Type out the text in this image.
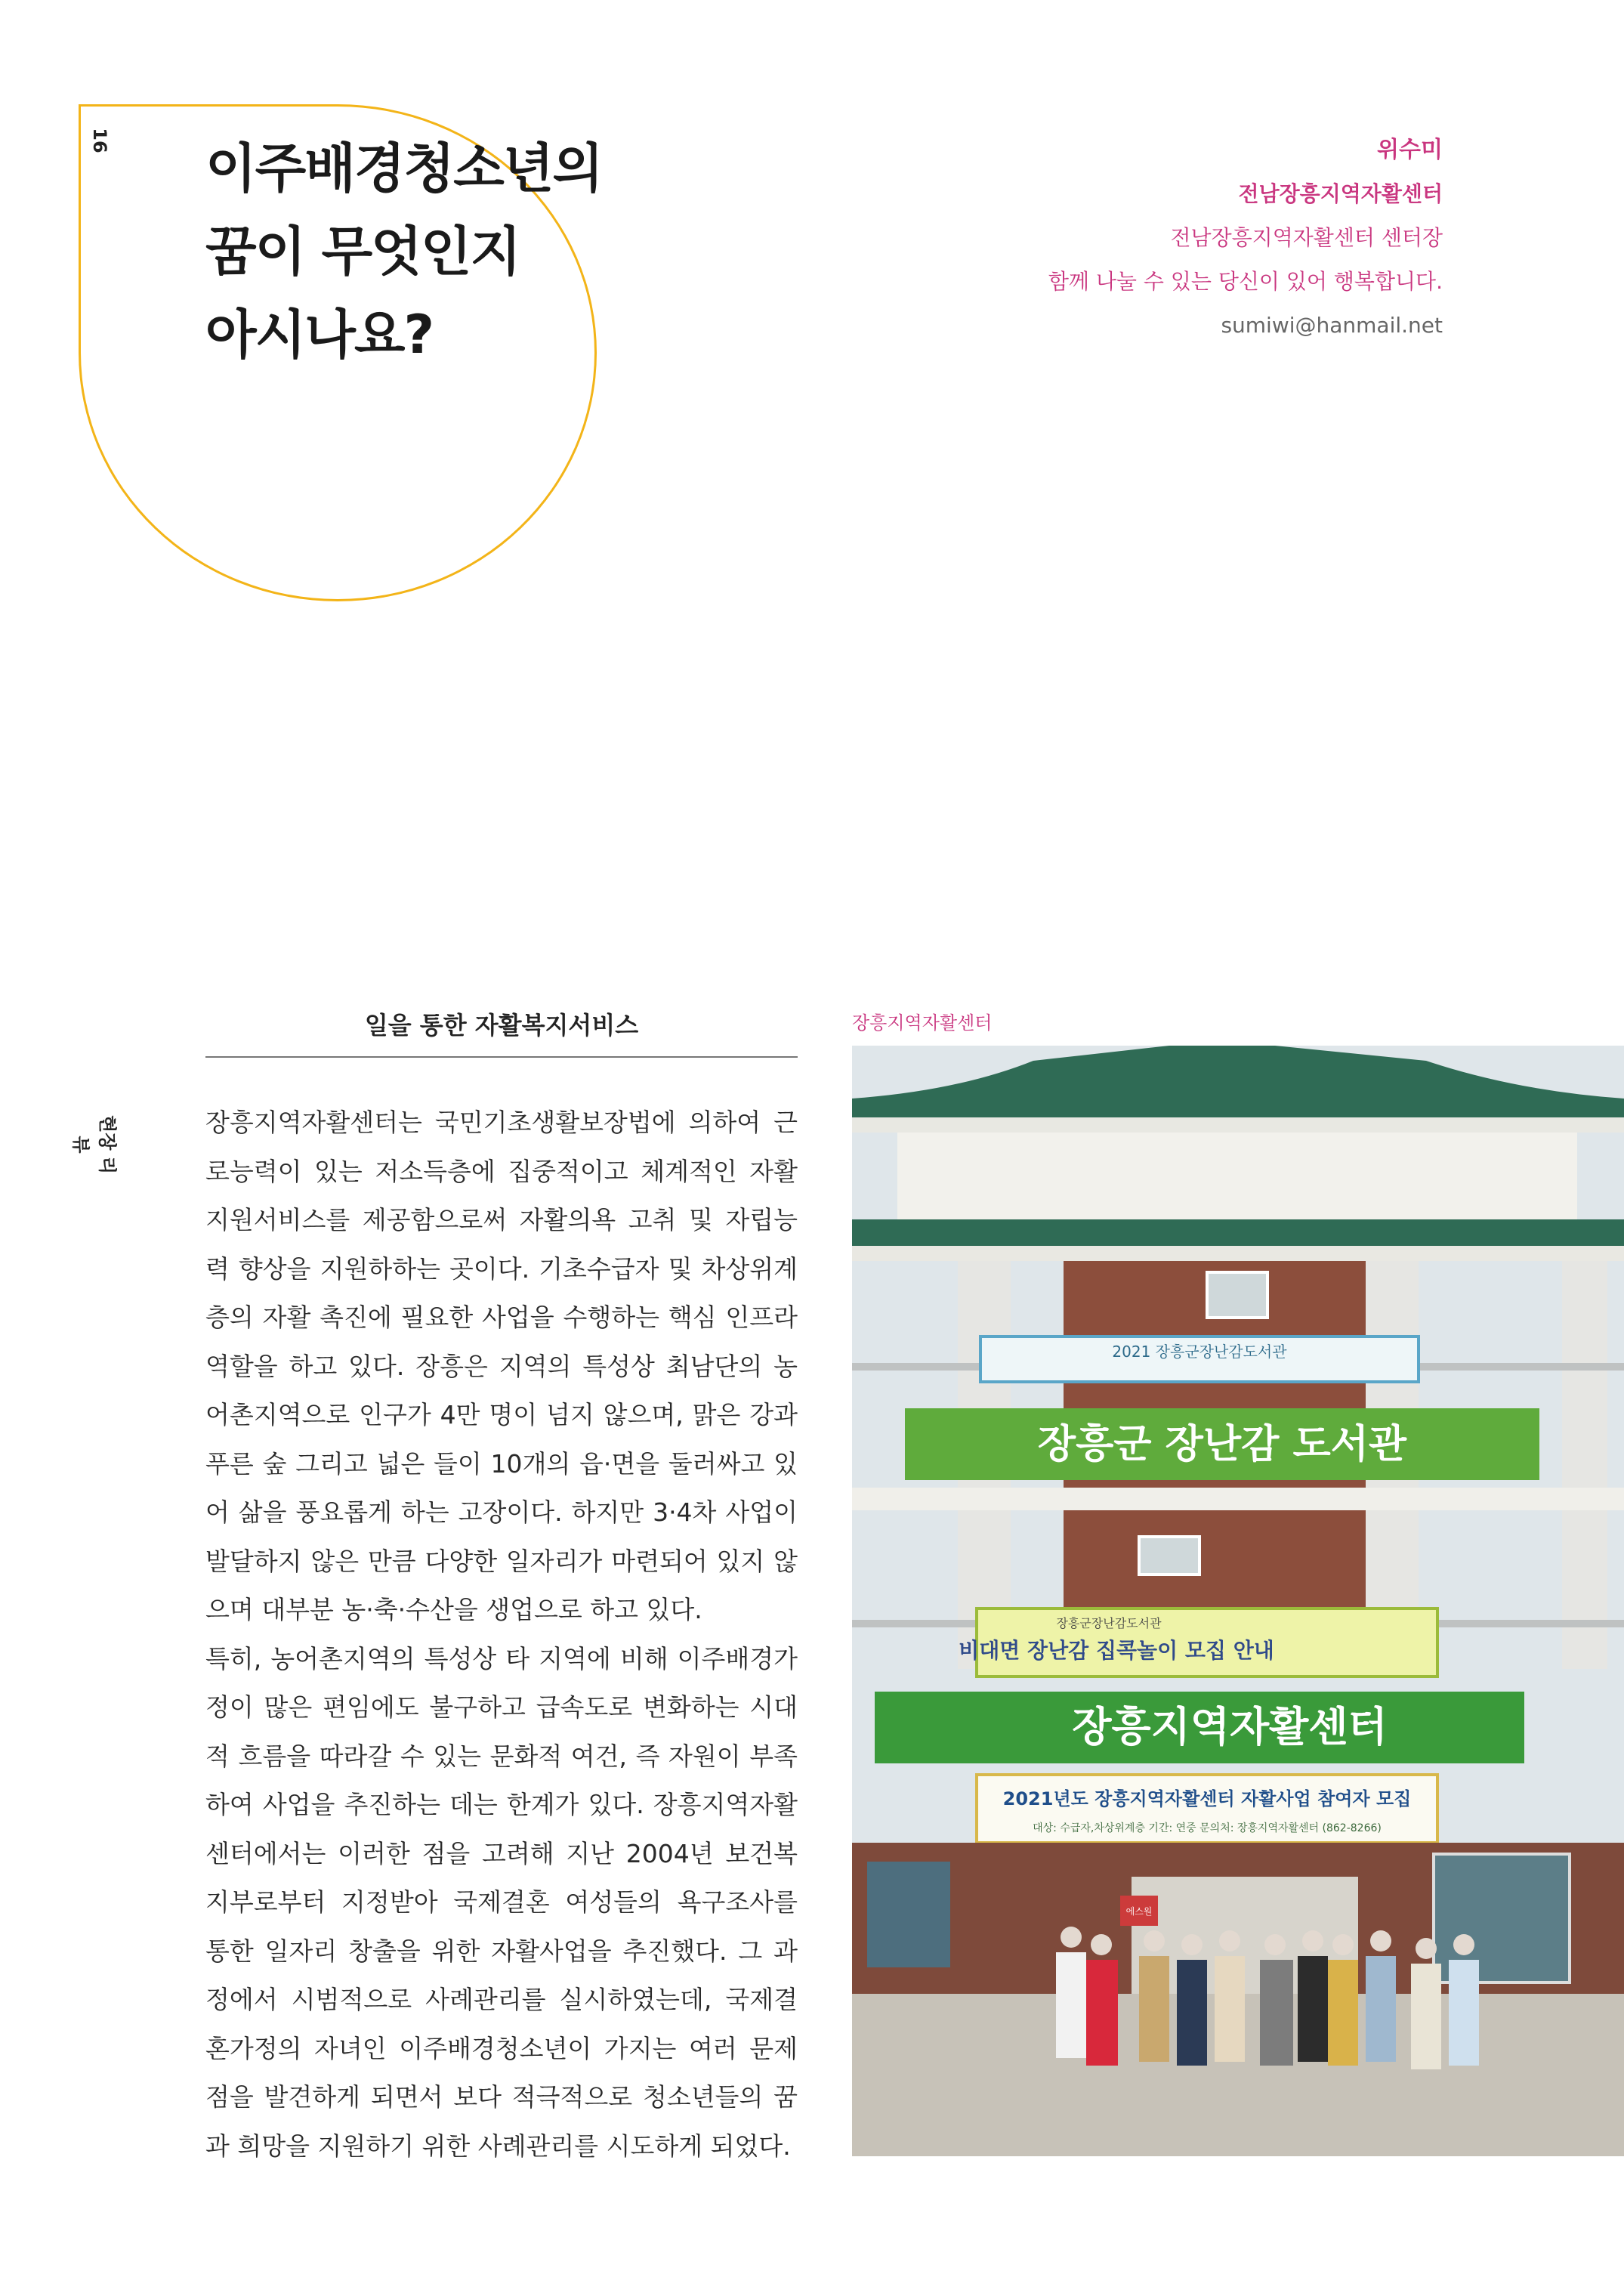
16 이주배경청소년의
꿈이 무엇인지
아시나요?
위수미
전남장흥지역자활센터
전남장흥지역자활센터 센터장
함께 나눌 수 있는 당신이 있어 행복합니다.
sumiwi@hanmail.net
현장 리뷰
일을 통한 자활복지서비스

장흥지역자활센터는 국민기초생활보장법에 의하여 근로능력이 있는 저소득층에 집중적이고 체계적인 자활지원서비스를 제공함으로써 자활의욕 고취 및 자립능력 향상을 지원하하는 곳이다. 기초수급자 및 차상위계층의 자활 촉진에 필요한 사업을 수행하는 핵심 인프라 역할을 하고 있다. 장흥은 지역의 특성상 최남단의 농어촌지역으로 인구가 4만 명이 넘지 않으며, 맑은 강과 푸른 숲 그리고 넓은 들이 10개의 읍·면을 둘러싸고 있어 삶을 풍요롭게 하는 고장이다. 하지만 3·4차 사업이 발달하지 않은 만큼 다양한 일자리가 마련되어 있지 않으며 대부분 농·축·수산을 생업으로 하고 있다.

특히, 농어촌지역의 특성상 타 지역에 비해 이주배경가정이 많은 편임에도 불구하고 급속도로 변화하는 시대적 흐름을 따라갈 수 있는 문화적 여건, 즉 자원이 부족하여 사업을 추진하는 데는 한계가 있다. 장흥지역자활센터에서는 이러한 점을 고려해 지난 2004년 보건복지부로부터 지정받아 국제결혼 여성들의 욕구조사를 통한 일자리 창출을 위한 자활사업을 추진했다. 그 과정에서 시범적으로 사례관리를 실시하였는데, 국제결혼가정의 자녀인 이주배경청소년이 가지는 여러 문제점을 발견하게 되면서 보다 적극적으로 청소년들의 꿈과 희망을 지원하기 위한 사례관리를 시도하게 되었다.

장흥지역자활센터
2021 장흥군장난감도서관
장흥군 장난감 도서관
장흥군장난감도서관
비대면 장난감 집콕놀이 모집 안내
장흥지역자활센터
2021년도 장흥지역자활센터 자활사업 참여자 모집
대상: 수급자,차상위계층 기간: 연중 문의처: 장흥지역자활센터 (862-8266)
에스원
